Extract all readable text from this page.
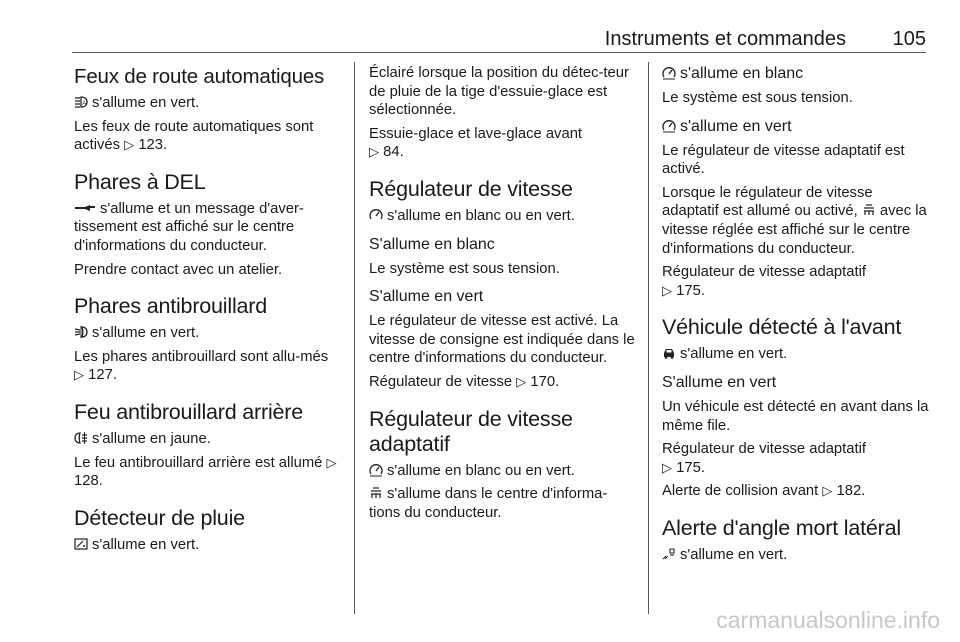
Instruments et commandes 105
Feux de route automatiques

A s'allume en vert.

Les feux de route automatiques sont activés ▷ 123.

Phares à DEL

s'allume et un message d'aver-tissement est affiché sur le centre d'informations du conducteur.

Prendre contact avec un atelier.

Phares antibrouillard

s'allume en vert.

Les phares antibrouillard sont allu-més ▷ 127.

Feu antibrouillard arrière

s'allume en jaune.

Le feu antibrouillard arrière est allumé ▷ 128.

Détecteur de pluie

s'allume en vert.

Éclairé lorsque la position du détec-teur de pluie de la tige d'essuie-glace est sélectionnée.

Essuie-glace et lave-glace avant
▷ 84.

Régulateur de vitesse

s'allume en blanc ou en vert.

S'allume en blanc

Le système est sous tension.

S'allume en vert

Le régulateur de vitesse est activé. La vitesse de consigne est indiquée dans le centre d'informations du conducteur.

Régulateur de vitesse ▷ 170.

Régulateur de vitesse adaptatif

s'allume en blanc ou en vert.

s'allume dans le centre d'informa-tions du conducteur.

s'allume en blanc

Le système est sous tension.

s'allume en vert

Le régulateur de vitesse adaptatif est activé.

Lorsque le régulateur de vitesse adaptatif est allumé ou activé, avec la vitesse réglée est affiché sur le centre d'informations du conducteur.

Régulateur de vitesse adaptatif
▷ 175.

Véhicule détecté à l'avant

s'allume en vert.

S'allume en vert

Un véhicule est détecté en avant dans la même file.

Régulateur de vitesse adaptatif
▷ 175.

Alerte de collision avant ▷ 182.

Alerte d'angle mort latéral

s'allume en vert.

carmanualsonline.info
